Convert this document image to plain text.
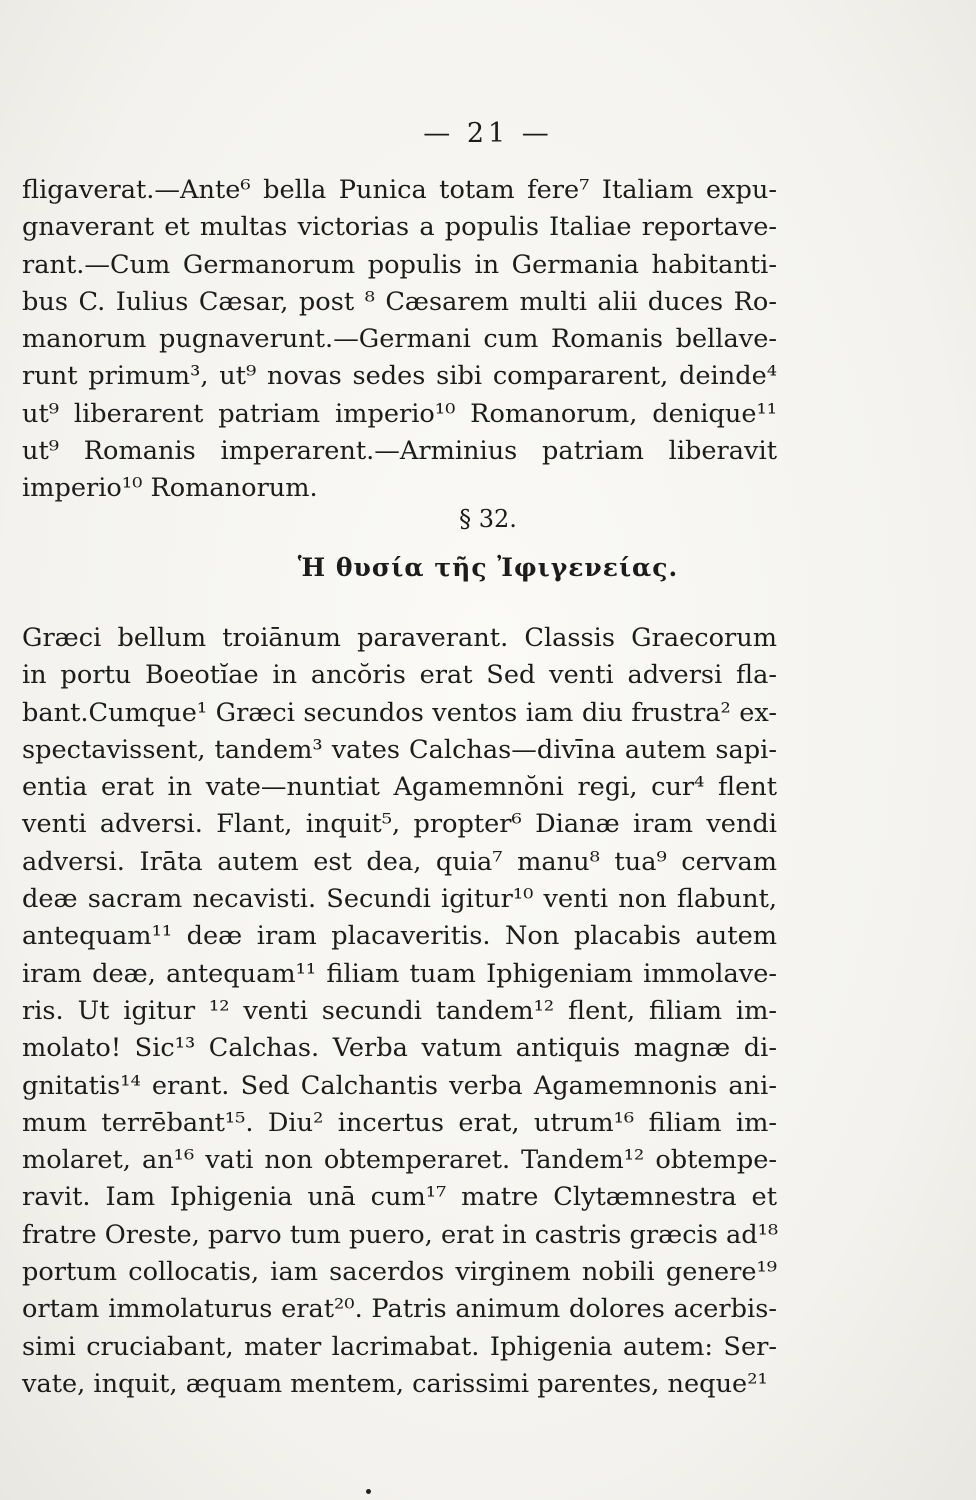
— 21 —
fligaverat.—Ante⁶ bella Punica totam fere⁷ Italiam expu-
gnaverant et multas victorias a populis Italiae reportave-
rant.—Cum Germanorum populis in Germania habitanti-
bus C. Iulius Cæsar, post ⁸ Cæsarem multi alii duces Ro-
manorum pugnaverunt.—Germani cum Romanis bellave-
runt primum³, ut⁹ novas sedes sibi compararent, deinde⁴
ut⁹ liberarent patriam imperio¹⁰ Romanorum, denique¹¹
ut⁹ Romanis imperarent.—Arminius patriam liberavit
imperio¹⁰ Romanorum.
§ 32.
Ἡ θυσία τῆς Ἰφιγενείας.
Græci bellum troiānum paraverant. Classis Graecorum
in portu Boeotĭae in ancŏris erat Sed venti adversi fla-
bant.Cumque¹ Græci secundos ventos iam diu frustra² ex-
spectavissent, tandem³ vates Calchas—divīna autem sapi-
entia erat in vate—nuntiat Agamemnŏni regi, cur⁴ flent
venti adversi. Flant, inquit⁵, propter⁶ Dianæ iram vendi
adversi. Irāta autem est dea, quia⁷ manu⁸ tua⁹ cervam
deæ sacram necavisti. Secundi igitur¹⁰ venti non flabunt,
antequam¹¹ deæ iram placaveritis. Non placabis autem
iram deæ, antequam¹¹ filiam tuam Iphigeniam immolave-
ris. Ut igitur ¹² venti secundi tandem¹² flent, filiam im-
molato! Sic¹³ Calchas. Verba vatum antiquis magnæ di-
gnitatis¹⁴ erant. Sed Calchantis verba Agamemnonis ani-
mum terrēbant¹⁵. Diu² incertus erat, utrum¹⁶ filiam im-
molaret, an¹⁶ vati non obtemperaret. Tandem¹² obtempe-
ravit. Iam Iphigenia unā cum¹⁷ matre Clytæmnestra et
fratre Oreste, parvo tum puero, erat in castris græcis ad¹⁸
portum collocatis, iam sacerdos virginem nobili genere¹⁹
ortam immolaturus erat²⁰. Patris animum dolores acerbis-
simi cruciabant, mater lacrimabat. Iphigenia autem: Ser-
vate, inquit, æquam mentem, carissimi parentes, neque²¹
